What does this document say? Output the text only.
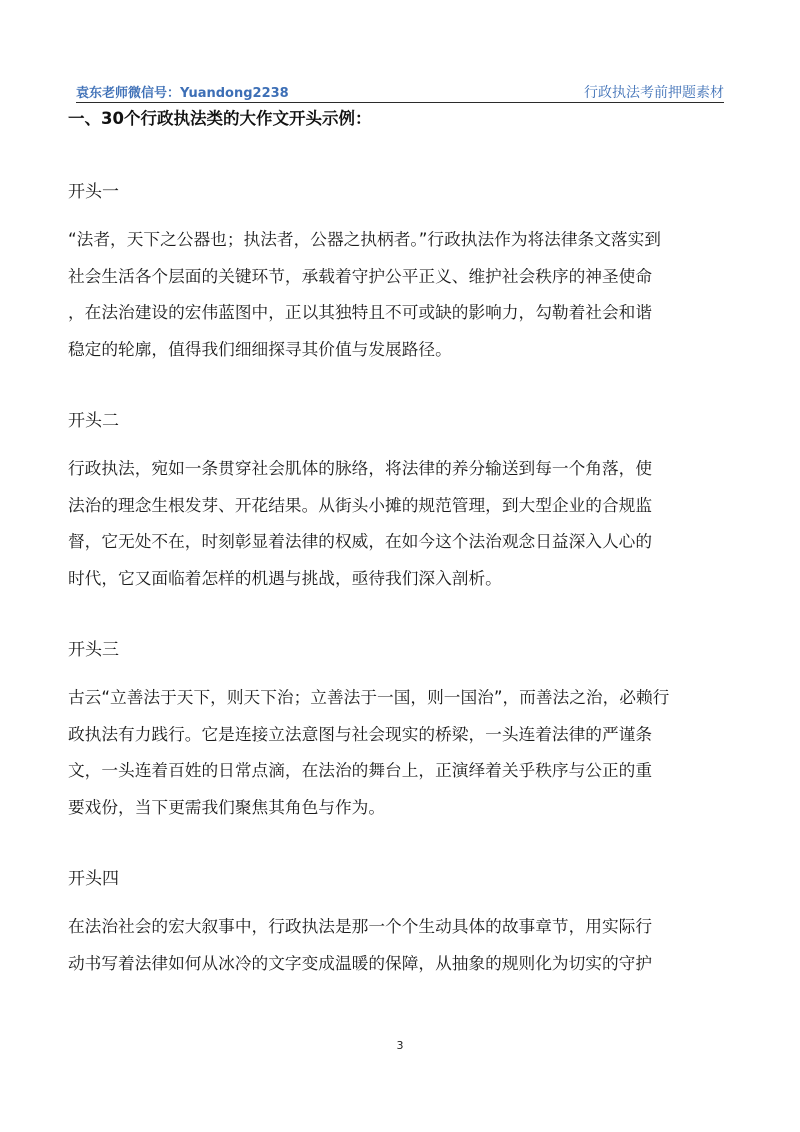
袁东老师微信号：Yuandong2238	行政执法考前押题素材
一、30个行政执法类的大作文开头示例：
开头一
“法者，天下之公器也；执法者，公器之执柄者。”行政执法作为将法律条文落实到
社会生活各个层面的关键环节，承载着守护公平正义、维护社会秩序的神圣使命
，在法治建设的宏伟蓝图中，正以其独特且不可或缺的影响力，勾勒着社会和谐
稳定的轮廓，值得我们细细探寻其价值与发展路径。
开头二
行政执法，宛如一条贯穿社会肌体的脉络，将法律的养分输送到每一个角落，使
法治的理念生根发芽、开花结果。从街头小摊的规范管理，到大型企业的合规监
督，它无处不在，时刻彰显着法律的权威，在如今这个法治观念日益深入人心的
时代，它又面临着怎样的机遇与挑战，亟待我们深入剖析。
开头三
古云“立善法于天下，则天下治；立善法于一国，则一国治”，而善法之治，必赖行
政执法有力践行。它是连接立法意图与社会现实的桥梁，一头连着法律的严谨条
文，一头连着百姓的日常点滴，在法治的舞台上，正演绎着关乎秩序与公正的重
要戏份，当下更需我们聚焦其角色与作为。
开头四
在法治社会的宏大叙事中，行政执法是那一个个生动具体的故事章节，用实际行
动书写着法律如何从冰冷的文字变成温暖的保障，从抽象的规则化为切实的守护
3
